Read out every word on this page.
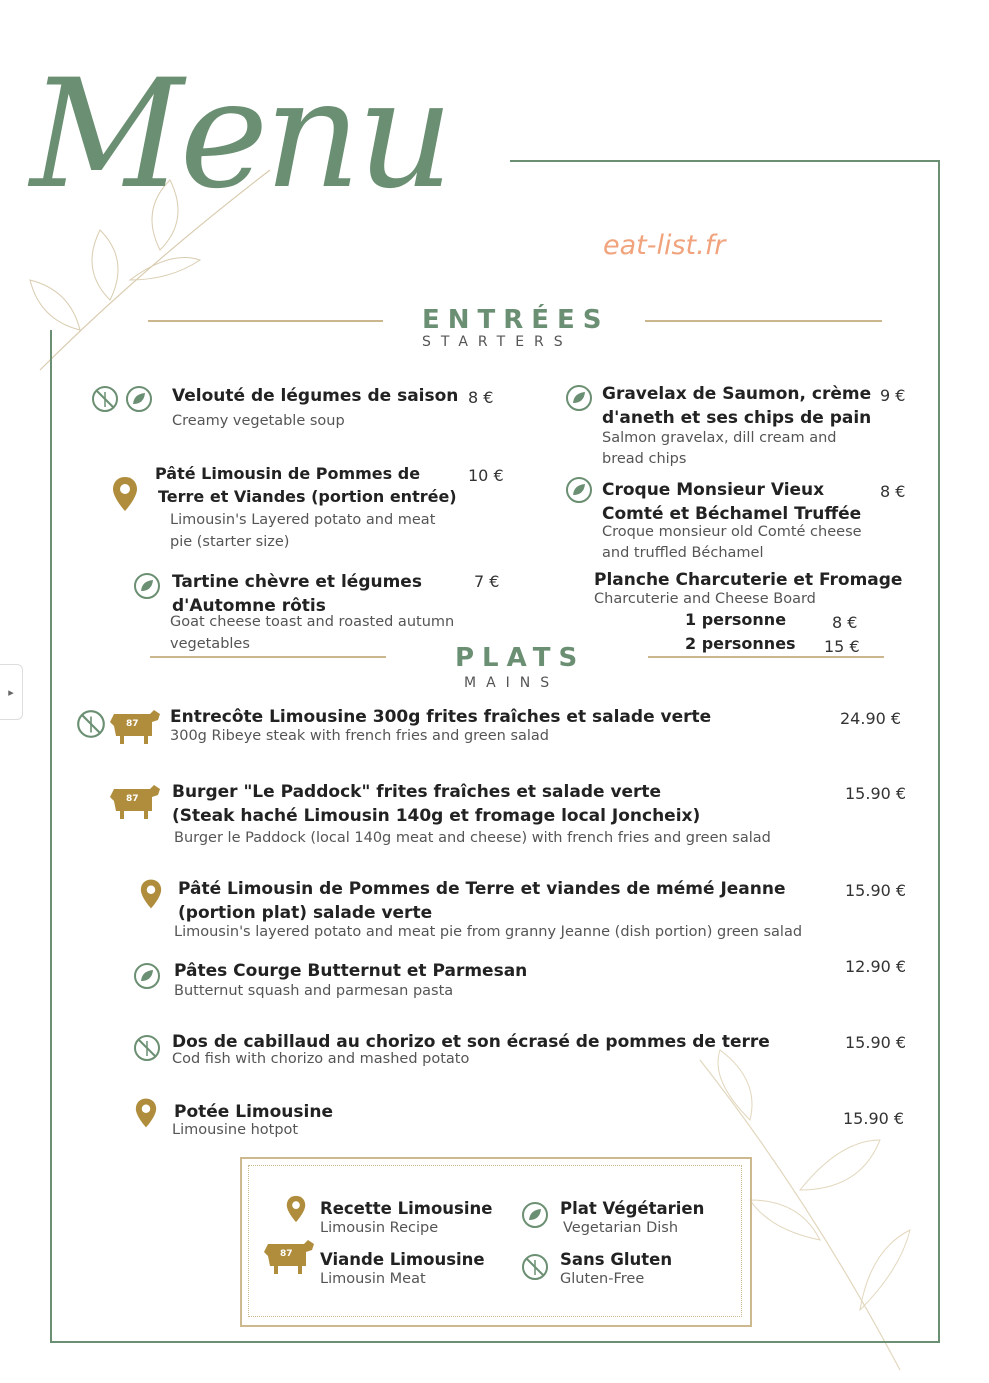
▸
Menu
eat-list.fr
ENTRÉES
STARTERS
Velouté de légumes de saison
Creamy vegetable soup
8 €
Pâté Limousin de Pommes de
Terre et Viandes (portion entrée)
Limousin's Layered potato and meat
pie (starter size)
10 €
Tartine chèvre et légumes
d'Automne rôtis
Goat cheese toast and roasted autumn
vegetables
7 €
Gravelax de Saumon, crème
d'aneth et ses chips de pain
Salmon gravelax, dill cream and
bread chips
9 €
Croque Monsieur Vieux
Comté et Béchamel Truffée
Croque monsieur old Comté cheese
and truffled Béchamel
8 €
Planche Charcuterie et Fromage
Charcuterie and Cheese Board
1 personne	8 €
2 personnes 15 €
PLATS
MAINS
87 Entrecôte Limousine 300g frites fraîches et salade verte
300g Ribeye steak with french fries and green salad
24.90 €
87 Burger "Le Paddock" frites fraîches et salade verte
(Steak haché Limousin 140g et fromage local Joncheix)
Burger le Paddock (local 140g meat and cheese) with french fries and green salad
15.90 €
Pâté Limousin de Pommes de Terre et viandes de mémé Jeanne
(portion plat) salade verte
Limousin's layered potato and meat pie from granny Jeanne (dish portion) green salad
15.90 €
Pâtes Courge Butternut et Parmesan
Butternut squash and parmesan pasta
12.90 €
Dos de cabillaud au chorizo et son écrasé de pommes de terre
Cod fish with chorizo and mashed potato
15.90 €
Potée Limousine
Limousine hotpot
15.90 €
Recette Limousine
Limousin Recipe
Plat Végétarien
Vegetarian Dish
87 Viande Limousine
Limousin Meat
Sans Gluten
Gluten-Free
